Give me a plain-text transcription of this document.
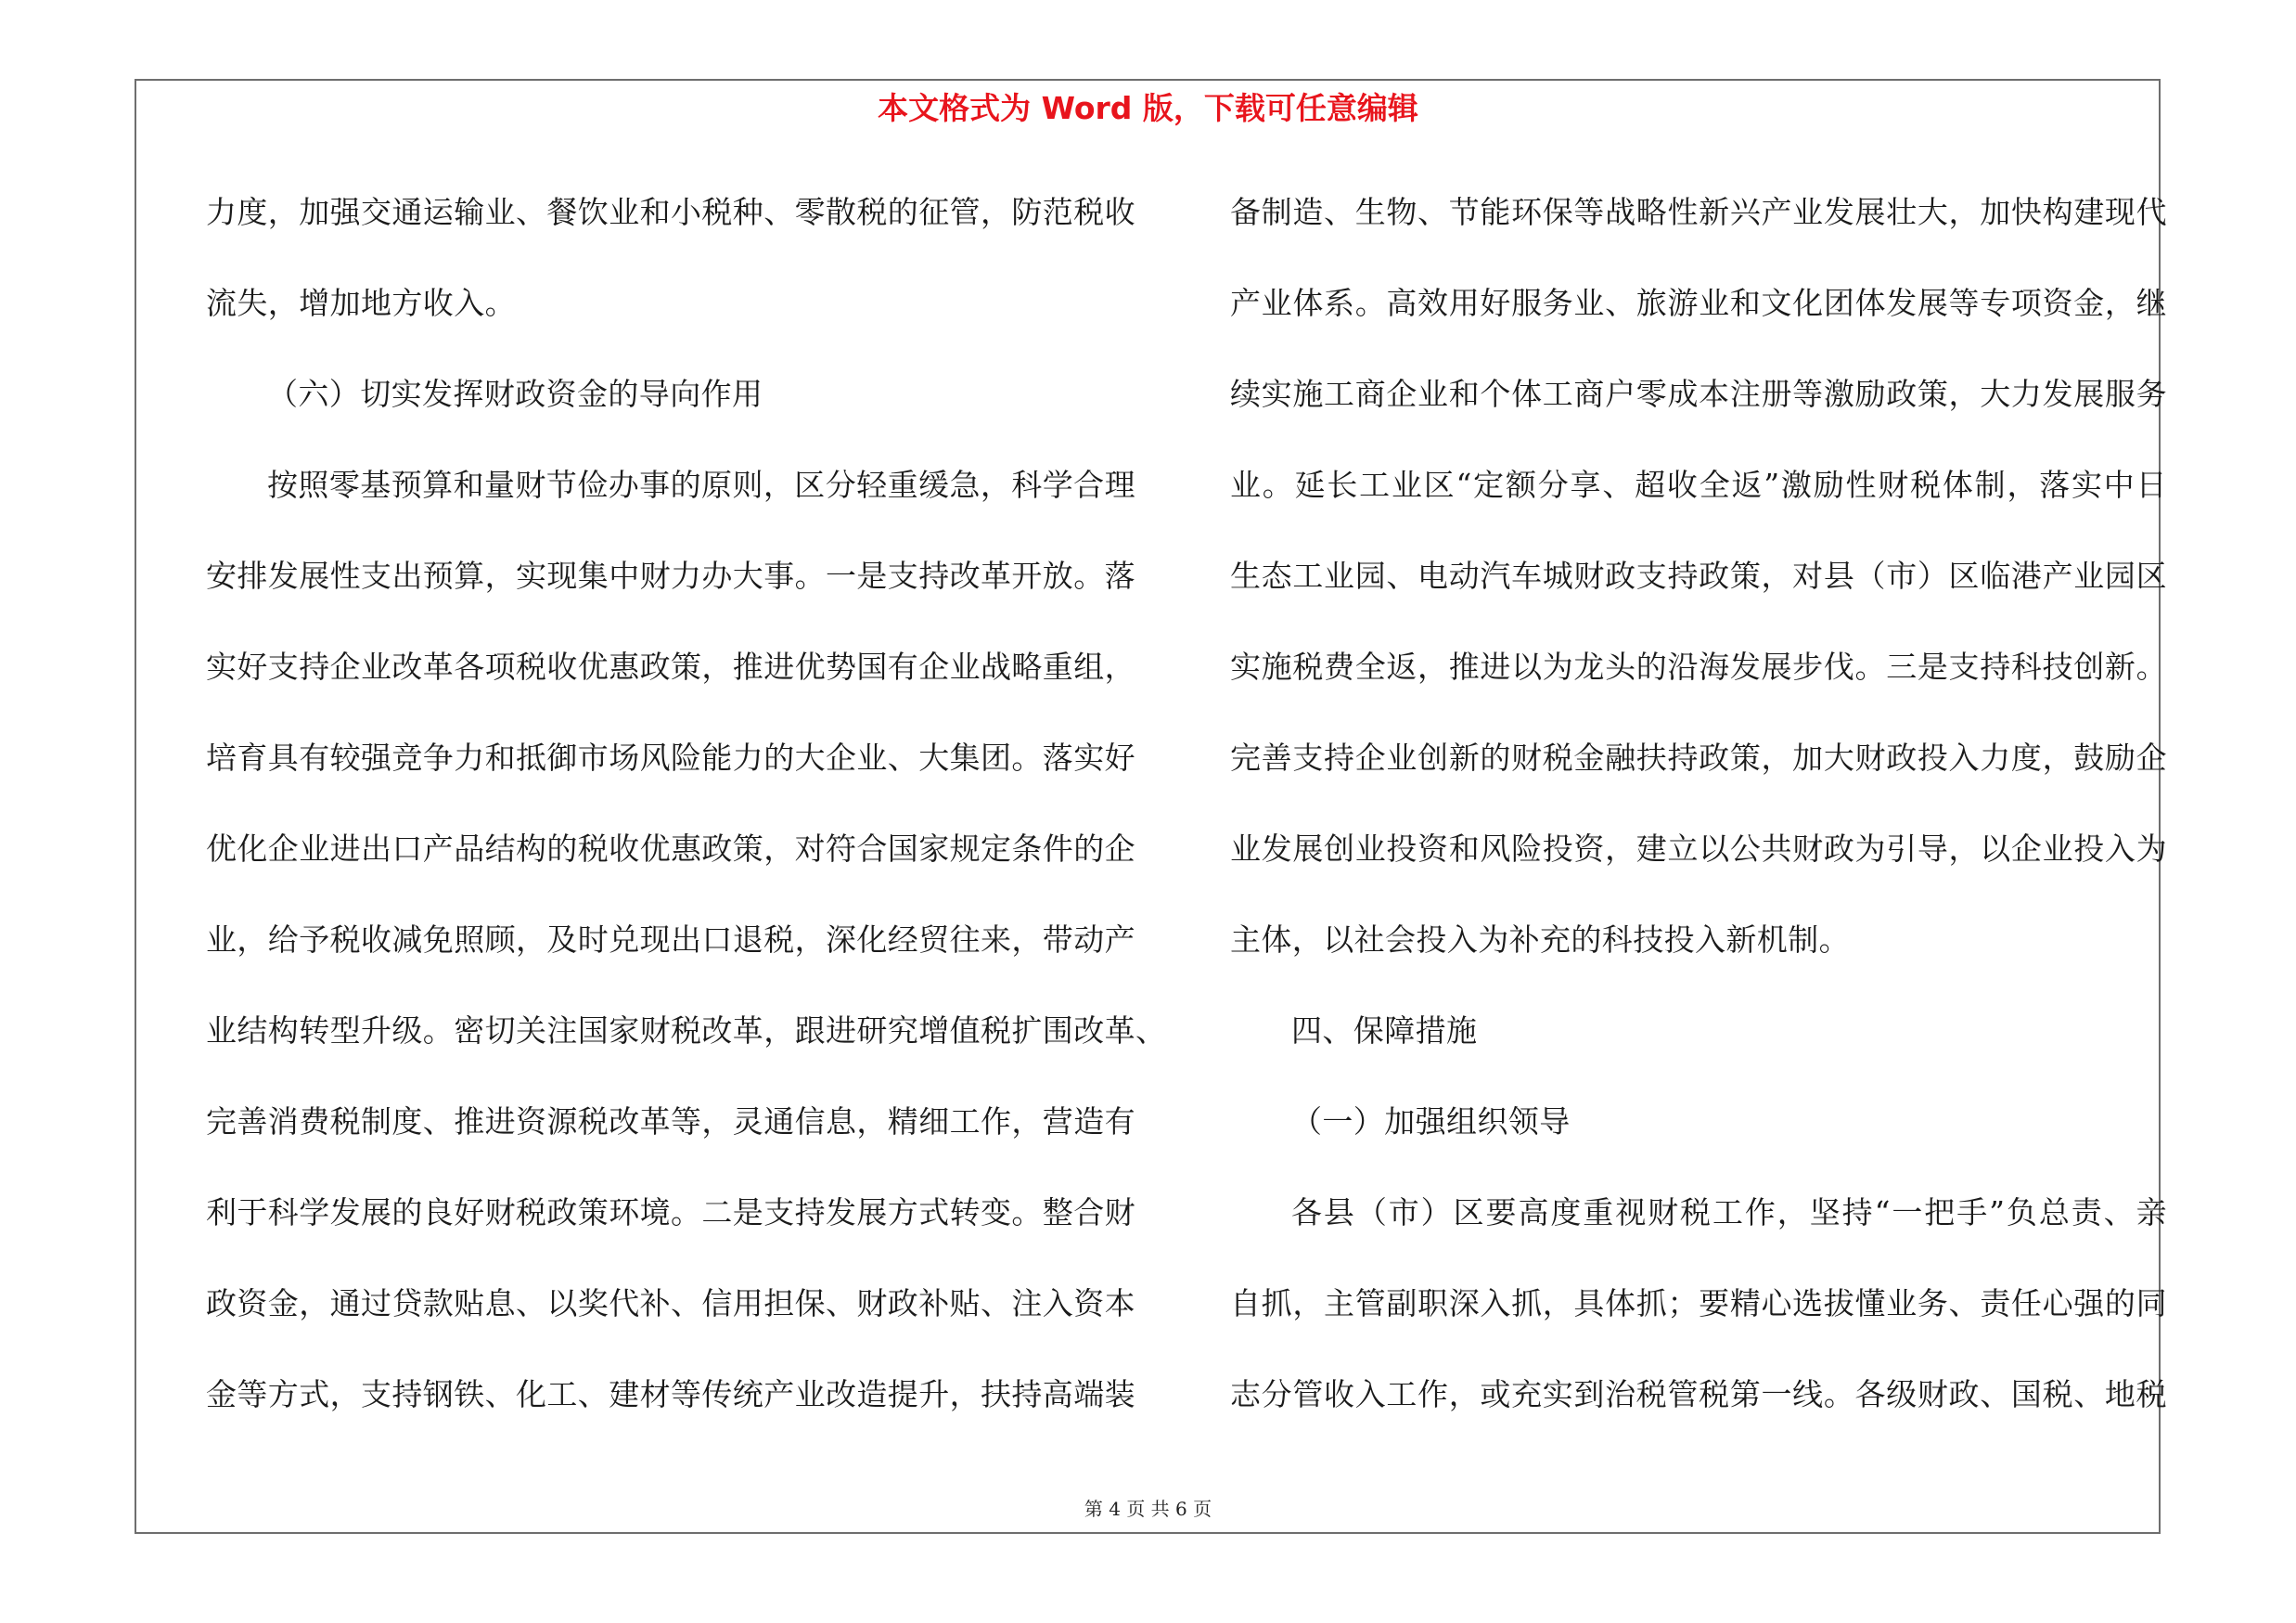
本文格式为 Word 版，下载可任意编辑
力度，加强交通运输业、餐饮业和小税种、零散税的征管，防范税收
流失，增加地方收入。
（六）切实发挥财政资金的导向作用
按照零基预算和量财节俭办事的原则，区分轻重缓急，科学合理
安排发展性支出预算，实现集中财力办大事。一是支持改革开放。落
实好支持企业改革各项税收优惠政策，推进优势国有企业战略重组，
培育具有较强竞争力和抵御市场风险能力的大企业、大集团。落实好
优化企业进出口产品结构的税收优惠政策，对符合国家规定条件的企
业，给予税收减免照顾，及时兑现出口退税，深化经贸往来，带动产
业结构转型升级。密切关注国家财税改革，跟进研究增值税扩围改革、
完善消费税制度、推进资源税改革等，灵通信息，精细工作，营造有
利于科学发展的良好财税政策环境。二是支持发展方式转变。整合财
政资金，通过贷款贴息、以奖代补、信用担保、财政补贴、注入资本
金等方式，支持钢铁、化工、建材等传统产业改造提升，扶持高端装
备制造、生物、节能环保等战略性新兴产业发展壮大，加快构建现代
产业体系。高效用好服务业、旅游业和文化团体发展等专项资金，继
续实施工商企业和个体工商户零成本注册等激励政策，大力发展服务
业。延长工业区“定额分享、超收全返”激励性财税体制，落实中日
生态工业园、电动汽车城财政支持政策，对县（市）区临港产业园区
实施税费全返，推进以为龙头的沿海发展步伐。三是支持科技创新。
完善支持企业创新的财税金融扶持政策，加大财政投入力度，鼓励企
业发展创业投资和风险投资，建立以公共财政为引导，以企业投入为
主体，以社会投入为补充的科技投入新机制。
四、保障措施
（一）加强组织领导
各县（市）区要高度重视财税工作，坚持“一把手”负总责、亲
自抓，主管副职深入抓，具体抓；要精心选拔懂业务、责任心强的同
志分管收入工作，或充实到治税管税第一线。各级财政、国税、地税
第 4 页 共 6 页
